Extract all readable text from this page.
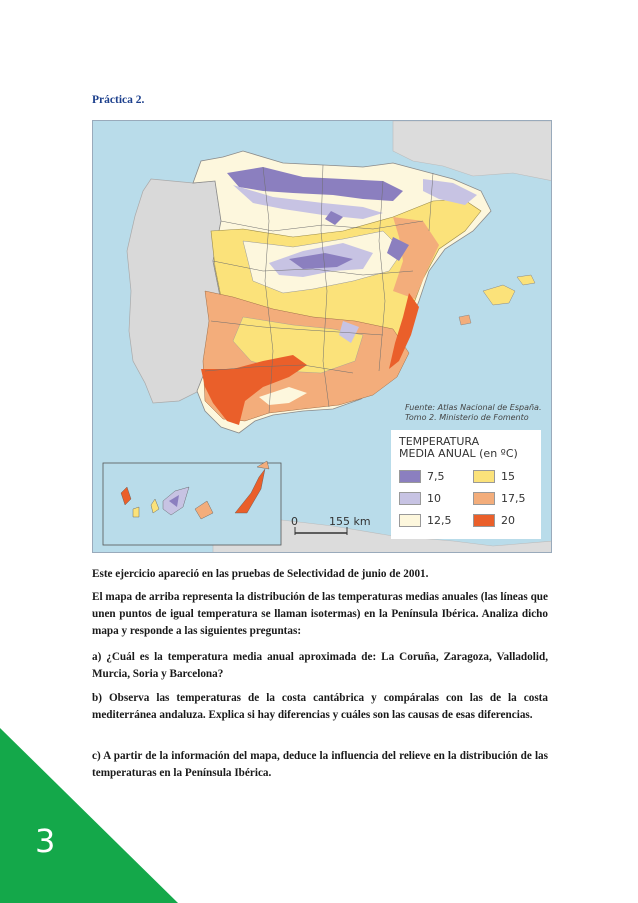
3
Práctica 2.
Fuente: Atlas Nacional de España.
Tomo 2. Ministerio de Fomento
TEMPERATURA
MEDIA ANUAL (en ºC)
7,5
10
12,5
15
17,5
20
0	155 km

Este ejercicio apareció en las pruebas de Selectividad de junio de 2001.

El mapa de arriba representa la distribución de las temperaturas medias anuales (las líneas que unen puntos de igual temperatura se llaman isotermas) en la Península Ibérica. Analiza dicho mapa y responde a las siguientes preguntas:

a) ¿Cuál es la temperatura media anual aproximada de: La Coruña, Zaragoza, Valladolid, Murcia, Soria y Barcelona?

b) Observa las temperaturas de la costa cantábrica y compáralas con las de la costa mediterránea andaluza. Explica si hay diferencias y cuáles son las causas de esas diferencias.

c) A partir de la información del mapa, deduce la influencia del relieve en la distribución de las temperaturas en la Península Ibérica.
